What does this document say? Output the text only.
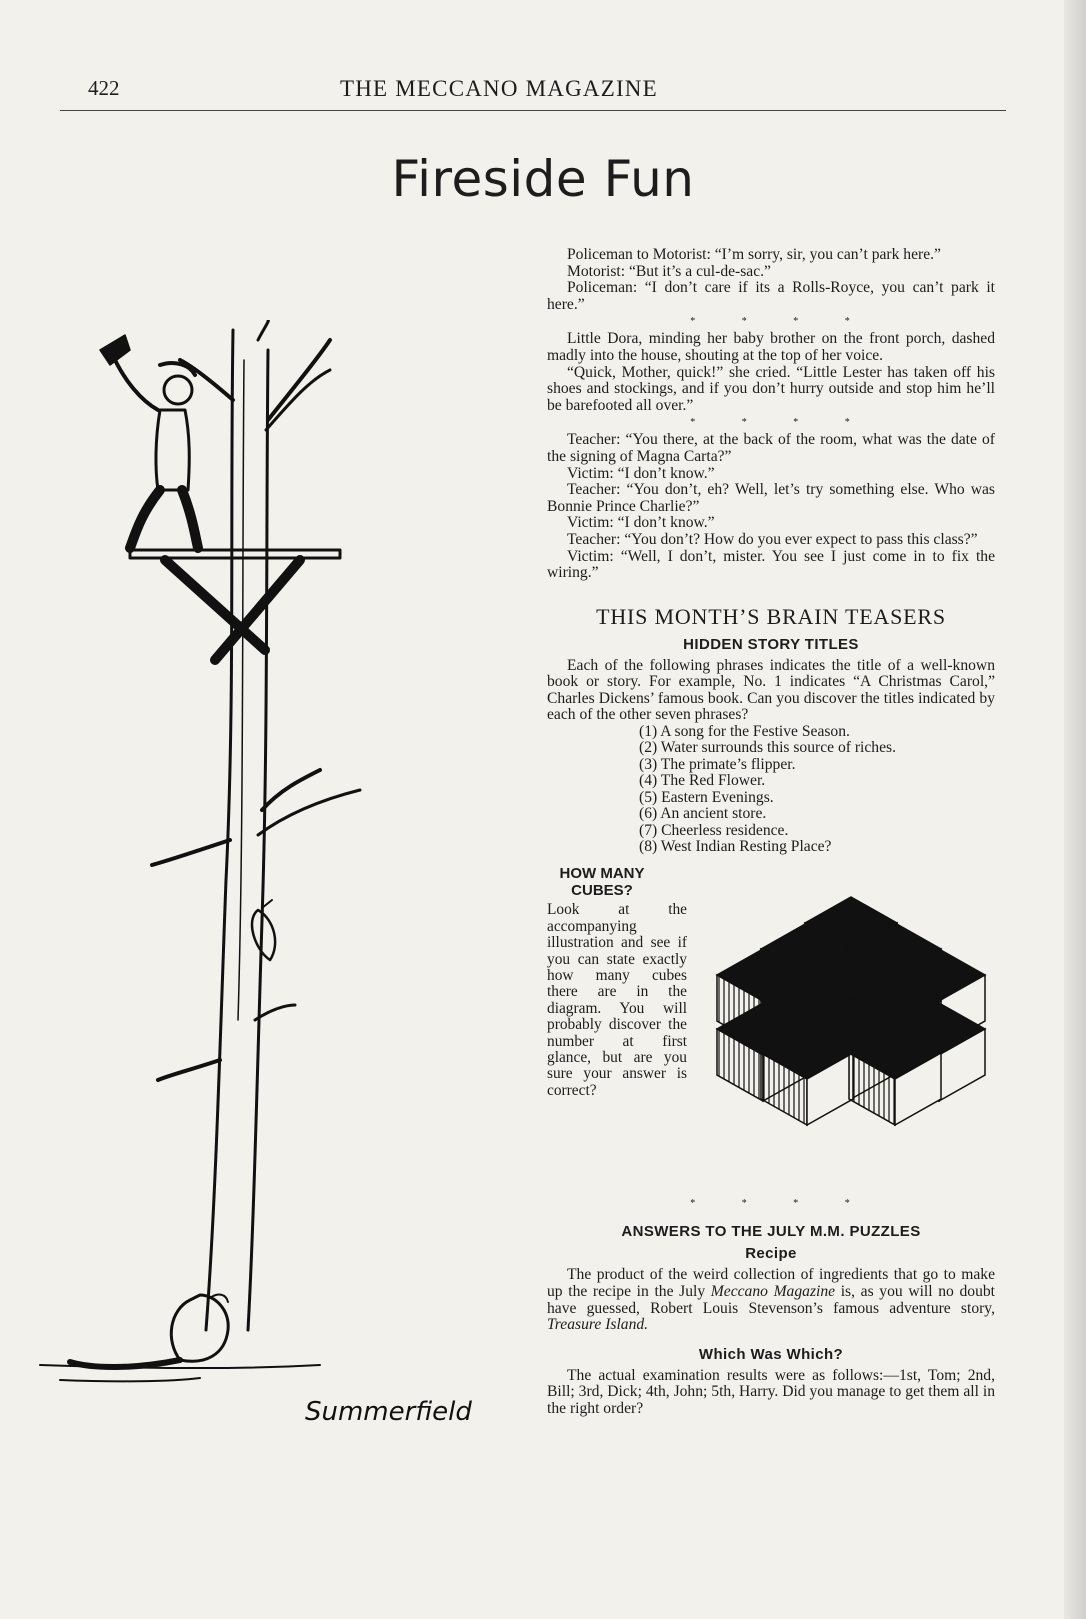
422	THE MECCANO MAGAZINE
Fireside Fun
Summerfield

Policeman to Motorist: “I’m sorry, sir, you can’t park here.”

Motorist: “But it’s a cul-de-sac.”

Policeman: “I don’t care if its a Rolls-Royce, you can’t park it here.”

* * * *

Little Dora, minding her baby brother on the front porch, dashed madly into the house, shouting at the top of her voice.

“Quick, Mother, quick!” she cried. “Little Lester has taken off his shoes and stockings, and if you don’t hurry outside and stop him he’ll be barefooted all over.”

* * * *

Teacher: “You there, at the back of the room, what was the date of the signing of Magna Carta?”

Victim: “I don’t know.”

Teacher: “You don’t, eh? Well, let’s try something else. Who was Bonnie Prince Charlie?”

Victim: “I don’t know.”

Teacher: “You don’t? How do you ever expect to pass this class?”

Victim: “Well, I don’t, mister. You see I just come in to fix the wiring.”

THIS MONTH’S BRAIN TEASERS
HIDDEN STORY TITLES

Each of the following phrases indicates the title of a well-known book or story. For example, No. 1 indicates “A Christmas Carol,” Charles Dickens’ famous book. Can you discover the titles indicated by each of the other seven phrases?

(1) A song for the Festive Season.
(2) Water surrounds this source of riches.
(3) The primate’s flipper.
(4) The Red Flower.
(5) Eastern Evenings.
(6) An ancient store.
(7) Cheerless residence.
(8) West Indian Resting Place?
HOW MANY CUBES?
Look at the accompanying illustration and see if you can state exactly how many cubes there are in the diagram. You will probably discover the number at first glance, but are you sure your answer is correct?
* * * *
ANSWERS TO THE JULY M.M. PUZZLES
Recipe

The product of the weird collection of ingredients that go to make up the recipe in the July Meccano Magazine is, as you will no doubt have guessed, Robert Louis Stevenson’s famous adventure story, Treasure Island.

Which Was Which?

The actual examination results were as follows:—1st, Tom; 2nd, Bill; 3rd, Dick; 4th, John; 5th, Harry. Did you manage to get them all in the right order?
